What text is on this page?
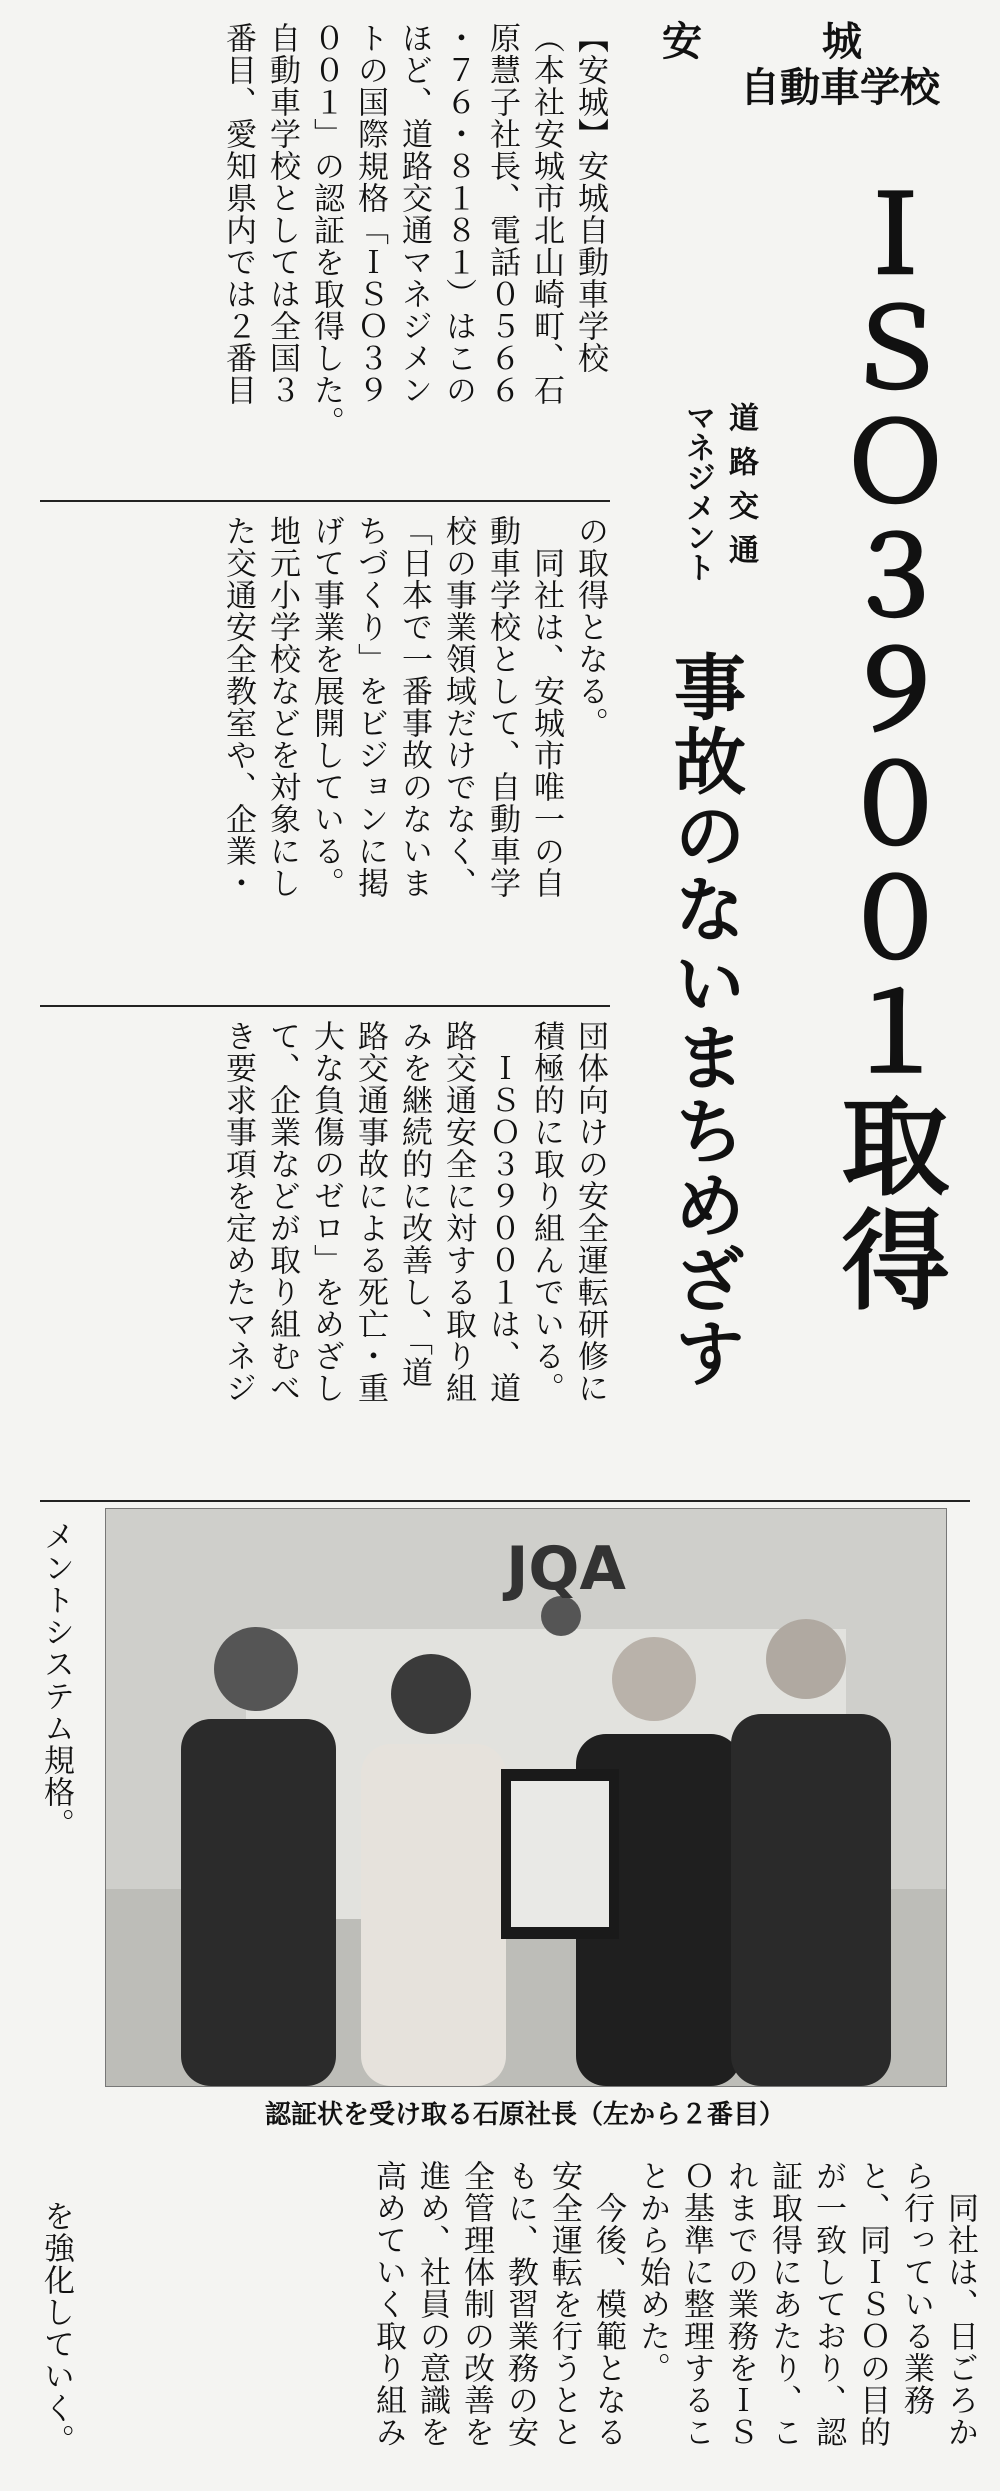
安　城
自動車学校
ＩＳＯ３９００１取得
道路交通
マネジメント
事故のないまちめざす
【安城】安城自動車学校
（本社安城市北山崎町、石
原慧子社長、電話０５６６
・７６・８１８１）はこの
ほど、道路交通マネジメン
トの国際規格「ＩＳＯ３９
００１」の認証を取得した。
自動車学校としては全国３
番目、愛知県内では２番目
の取得となる。
　同社は、安城市唯一の自
動車学校として、自動車学
校の事業領域だけでなく、
「日本で一番事故のないま
ちづくり」をビジョンに掲
げて事業を展開している。
地元小学校などを対象にし
た交通安全教室や、企業・
団体向けの安全運転研修に
積極的に取り組んでいる。
　ＩＳＯ３９００１は、道
路交通安全に対する取り組
みを継続的に改善し、「道
路交通事故による死亡・重
大な負傷のゼロ」をめざし
て、企業などが取り組むべ
き要求事項を定めたマネジ
メントシステム規格。	JQA
認証状を受け取る石原社長（左から２番目）
　同社は、日ごろか
ら行っている業務
と、同ＩＳＯの目的
が一致しており、認
証取得にあたり、こ
れまでの業務をＩＳ
Ｏ基準に整理するこ
とから始めた。
　今後、模範となる
安全運転を行うとと
もに、教習業務の安
全管理体制の改善を
進め、社員の意識を
高めていく取り組み
を強化していく。
